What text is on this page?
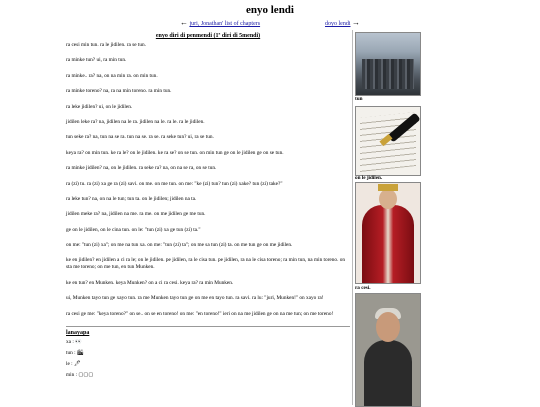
enyo lendi
← juri, Jonathan' list of chapters	doyo lendi →
enyo diri di penmendi (1ª diri di 5mendi)

ra cesi min tun. ra le jidilen. ra se tun.

ra minke tun? ui, ra min tun.

ra minke.. ra? na, on na min ra. on min tun.

ra minke toreno? na, ra na min toreno. ra min tun.

ra leke jidilen? ui, on le jidilen.

jidilen leke ra? na, jidilen na le ra. jidilen na le. ra le. ra le jidilen.

tun seke ra? na, tun na se ra. tun na se. ra se. ra seke tun? ui, ra se tun.

keya ra? on min tun. ke ra le? on le jidilen. ke ra se? on se tun. on min tun ge on le jidilen ge on se tun.

ra minke jidilen? na, on le jidilen. ra seke ra? na, on na se ra, on se tun.

ra (zi) tu. ra (zi) xa ge ra (zi) savi. on me. on me tun. on me: "ke (zi) tun? tun (zi) xake? tun (zi) take?"

ra leke tun? na, on na le tun; tun ta. on le jidilen; jidilen na ta.

jidilen meke ra? na, jidilen na me. ra me. on me jidilen ge me tun.

ge on le jidilen, on le cina tun. on le: "tun (zi) xa ge tun (zi) ta."

on me: "tun (zi) xa"; on me na tun xa. on me: "tun (zi) ta"; on me sa tun (zi) ta. on me tun ge on me jidilen.

ke en jidilen? en jidilen a ci ra le; on le jidilen. pe jidilen, ra le cisa tun. pe jidilen, ra na le cisa toreno; ra min tun, na min toreno. on sta me toreno; on me tun, en tun Munken.

ke en tun? en Munken. keya Munken? on a ci ra cesi. keya ra? ra min Munken.

ui, Munken tayo tun ge xayo tun. ra me Munken tayo tun ge on me en tayo tun. ra savi. ra lu: "juri, Munken!" on xayo ra!

ra cesi ge me: "keya toreno?" on se.. on se en toreno! on me: "en toreno!" ieri on na me jidilen ge on na me tun; on me toreno!

lanayapa
xa : 👀
tun : 🏙
le : 🖊
min : ▢▢▢
tun
on le jidilen.
ra cesi.
